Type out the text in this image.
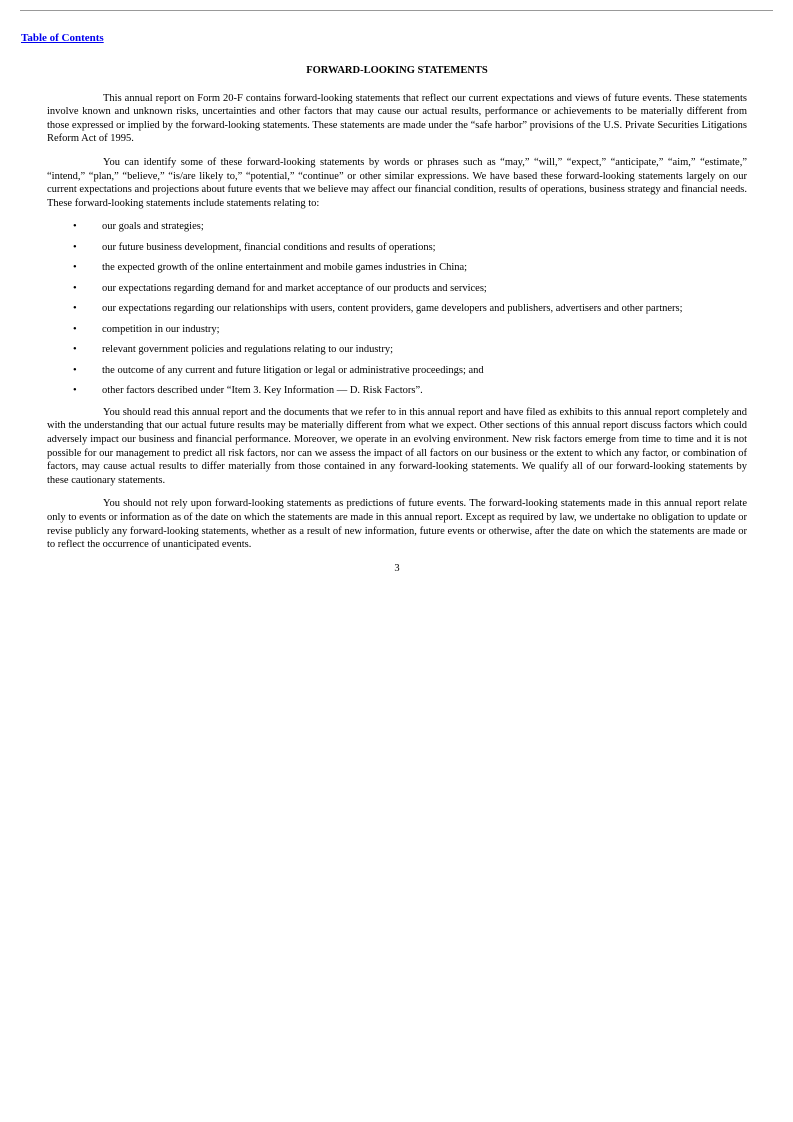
Table of Contents
FORWARD-LOOKING STATEMENTS

This annual report on Form 20-F contains forward-looking statements that reflect our current expectations and views of future events. These statements involve known and unknown risks, uncertainties and other factors that may cause our actual results, performance or achievements to be materially different from those expressed or implied by the forward-looking statements. These statements are made under the “safe harbor” provisions of the U.S. Private Securities Litigations Reform Act of 1995.

You can identify some of these forward-looking statements by words or phrases such as “may,” “will,” “expect,” “anticipate,” “aim,” “estimate,” “intend,” “plan,” “believe,” “is/are likely to,” “potential,” “continue” or other similar expressions. We have based these forward-looking statements largely on our current expectations and projections about future events that we believe may affect our financial condition, results of operations, business strategy and financial needs. These forward-looking statements include statements relating to:

• our goals and strategies;
• our future business development, financial conditions and results of operations;
• the expected growth of the online entertainment and mobile games industries in China;
• our expectations regarding demand for and market acceptance of our products and services;
• our expectations regarding our relationships with users, content providers, game developers and publishers, advertisers and other partners;
• competition in our industry;
• relevant government policies and regulations relating to our industry;
• the outcome of any current and future litigation or legal or administrative proceedings; and
• other factors described under “Item 3. Key Information — D. Risk Factors”.

You should read this annual report and the documents that we refer to in this annual report and have filed as exhibits to this annual report completely and with the understanding that our actual future results may be materially different from what we expect. Other sections of this annual report discuss factors which could adversely impact our business and financial performance. Moreover, we operate in an evolving environment. New risk factors emerge from time to time and it is not possible for our management to predict all risk factors, nor can we assess the impact of all factors on our business or the extent to which any factor, or combination of factors, may cause actual results to differ materially from those contained in any forward-looking statements. We qualify all of our forward-looking statements by these cautionary statements.

You should not rely upon forward-looking statements as predictions of future events. The forward-looking statements made in this annual report relate only to events or information as of the date on which the statements are made in this annual report. Except as required by law, we undertake no obligation to update or revise publicly any forward-looking statements, whether as a result of new information, future events or otherwise, after the date on which the statements are made or to reflect the occurrence of unanticipated events.

3
